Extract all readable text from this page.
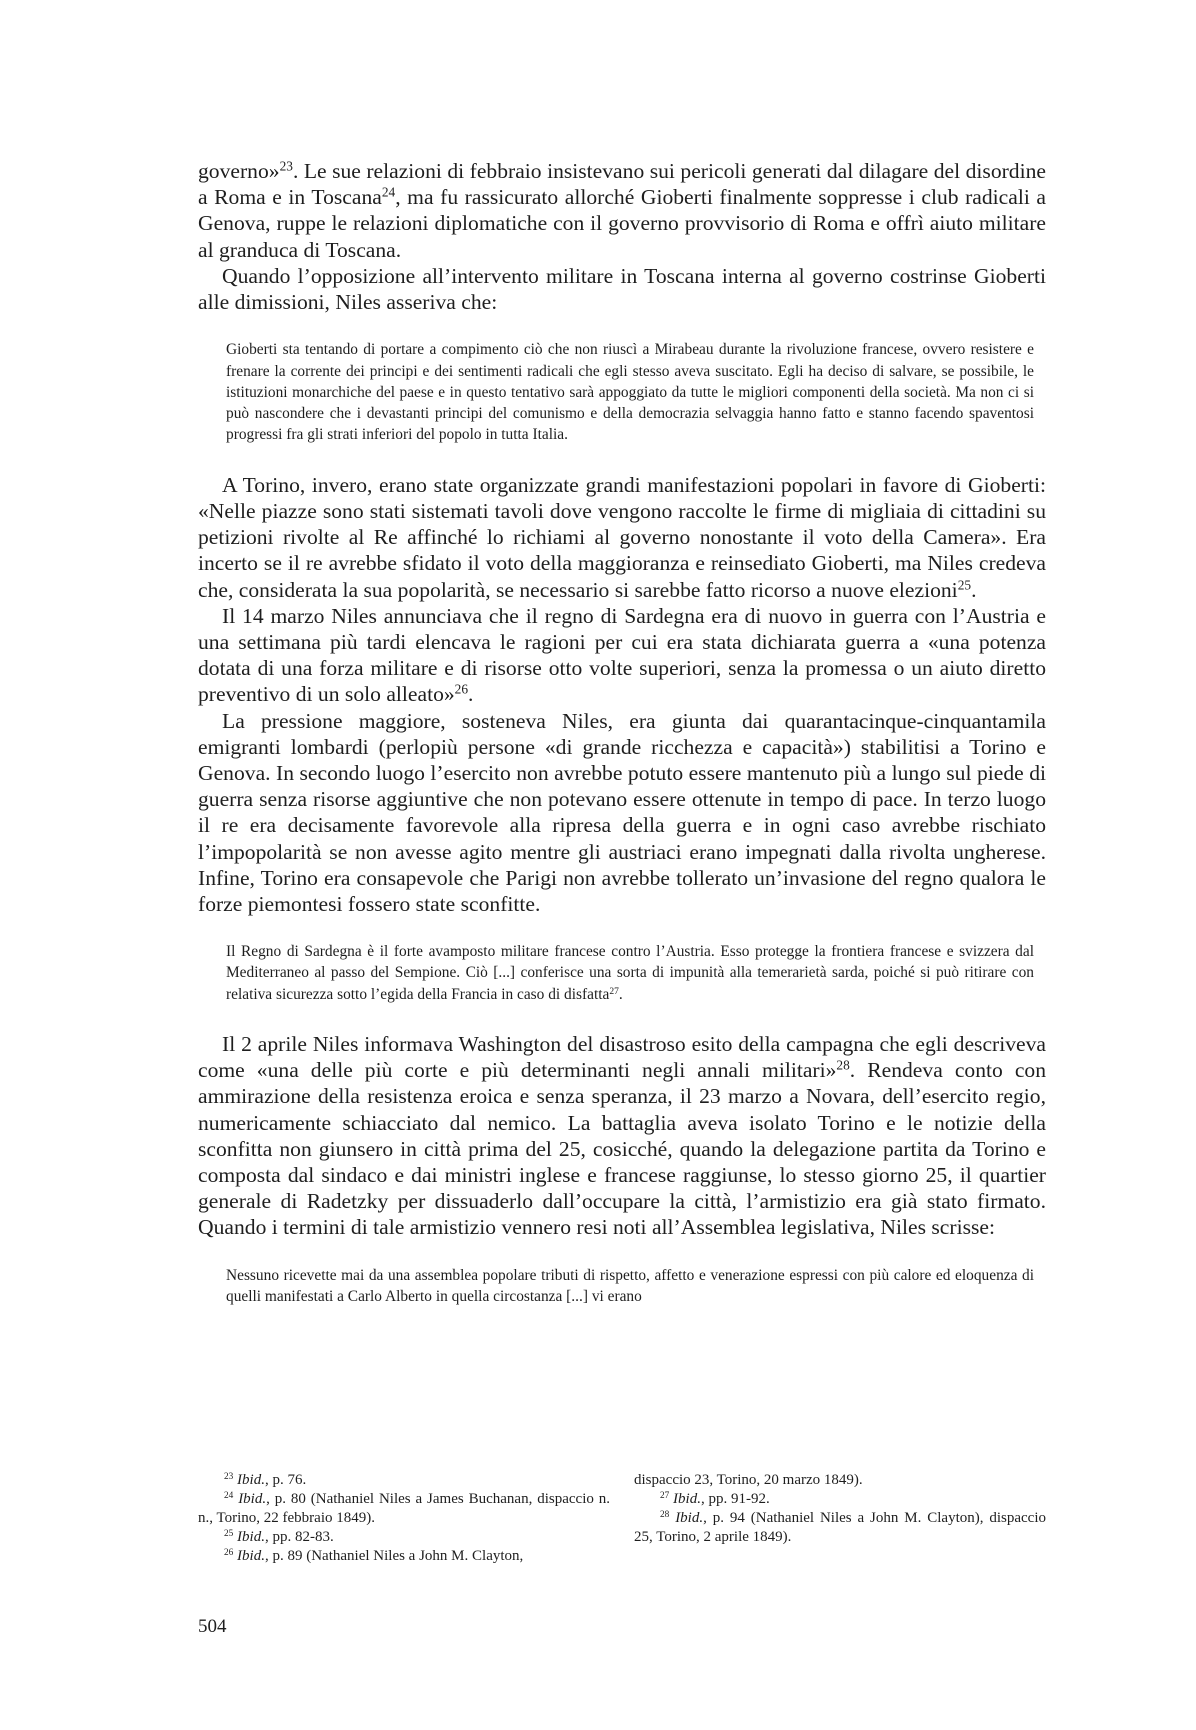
governo»$^{23}$. Le sue relazioni di febbraio insistevano sui pericoli generati dal dilagare del disordine a Roma e in Toscana$^{24}$, ma fu rassicurato allorché Gioberti finalmente soppresse i club radicali a Genova, ruppe le relazioni diplomatiche con il governo provvisorio di Roma e offrì aiuto militare al granduca di Toscana.

Quando l’opposizione all’intervento militare in Toscana interna al governo costrinse Gioberti alle dimissioni, Niles asseriva che:

Gioberti sta tentando di portare a compimento ciò che non riuscì a Mirabeau durante la rivoluzione francese, ovvero resistere e frenare la corrente dei principi e dei sentimenti radicali che egli stesso aveva suscitato. Egli ha deciso di salvare, se possibile, le istituzioni monarchiche del paese e in questo tentativo sarà appoggiato da tutte le migliori componenti della società. Ma non ci si può nascondere che i devastanti principi del comunismo e della democrazia selvaggia hanno fatto e stanno facendo spaventosi progressi fra gli strati inferiori del popolo in tutta Italia.

A Torino, invero, erano state organizzate grandi manifestazioni popolari in favore di Gioberti: «Nelle piazze sono stati sistemati tavoli dove vengono raccolte le firme di migliaia di cittadini su petizioni rivolte al Re affinché lo richiami al governo nonostante il voto della Camera». Era incerto se il re avrebbe sfidato il voto della maggioranza e reinsediato Gioberti, ma Niles credeva che, considerata la sua popolarità, se necessario si sarebbe fatto ricorso a nuove elezioni$^{25}$.

Il 14 marzo Niles annunciava che il regno di Sardegna era di nuovo in guerra con l’Austria e una settimana più tardi elencava le ragioni per cui era stata dichiarata guerra a «una potenza dotata di una forza militare e di risorse otto volte superiori, senza la promessa o un aiuto diretto preventivo di un solo alleato»$^{26}$.

La pressione maggiore, sosteneva Niles, era giunta dai quarantacinque-cinquantamila emigranti lombardi (perlopiù persone «di grande ricchezza e capacità») stabilitisi a Torino e Genova. In secondo luogo l’esercito non avrebbe potuto essere mantenuto più a lungo sul piede di guerra senza risorse aggiuntive che non potevano essere ottenute in tempo di pace. In terzo luogo il re era decisamente favorevole alla ripresa della guerra e in ogni caso avrebbe rischiato l’impopolarità se non avesse agito mentre gli austriaci erano impegnati dalla rivolta ungherese. Infine, Torino era consapevole che Parigi non avrebbe tollerato un’invasione del regno qualora le forze piemontesi fossero state sconfitte.

Il Regno di Sardegna è il forte avamposto militare francese contro l’Austria. Esso protegge la frontiera francese e svizzera dal Mediterraneo al passo del Sempione. Ciò [...] conferisce una sorta di impunità alla temerarietà sarda, poiché si può ritirare con relativa sicurezza sotto l’egida della Francia in caso di disfatta$^{27}$.

Il 2 aprile Niles informava Washington del disastroso esito della campagna che egli descriveva come «una delle più corte e più determinanti negli annali militari»$^{28}$. Rendeva conto con ammirazione della resistenza eroica e senza speranza, il 23 marzo a Novara, dell’esercito regio, numericamente schiacciato dal nemico. La battaglia aveva isolato Torino e le notizie della sconfitta non giunsero in città prima del 25, cosicché, quando la delegazione partita da Torino e composta dal sindaco e dai ministri inglese e francese raggiunse, lo stesso giorno 25, il quartier generale di Radetzky per dissuaderlo dall’occupare la città, l’armistizio era già stato firmato. Quando i termini di tale armistizio vennero resi noti all’Assemblea legislativa, Niles scrisse:

Nessuno ricevette mai da una assemblea popolare tributi di rispetto, affetto e venerazione espressi con più calore ed eloquenza di quelli manifestati a Carlo Alberto in quella circostanza [...] vi erano

$^{23}$ Ibid., p. 76.

$^{24}$ Ibid., p. 80 (Nathaniel Niles a James Buchanan, dispaccio n. n., Torino, 22 febbraio 1849).

$^{25}$ Ibid., pp. 82-83.

$^{26}$ Ibid., p. 89 (Nathaniel Niles a John M. Clayton,

dispaccio 23, Torino, 20 marzo 1849).

$^{27}$ Ibid., pp. 91-92.

$^{28}$ Ibid., p. 94 (Nathaniel Niles a John M. Clayton), dispaccio 25, Torino, 2 aprile 1849).

504
